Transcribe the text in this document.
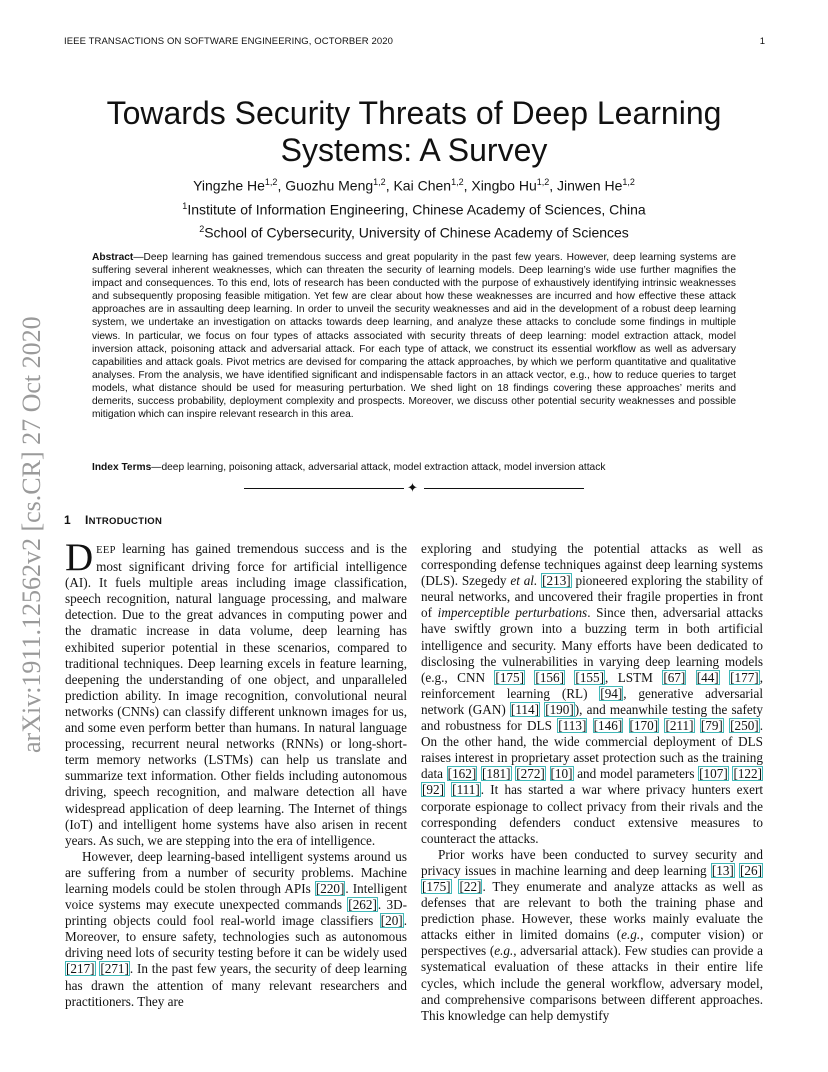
IEEE TRANSACTIONS ON SOFTWARE ENGINEERING, OCTORBER 2020	1
arXiv:1911.12562v2 [cs.CR] 27 Oct 2020
Towards Security Threats of Deep Learning Systems: A Survey
Yingzhe He$^{1,2}$, Guozhu Meng$^{1,2}$, Kai Chen$^{1,2}$, Xingbo Hu$^{1,2}$, Jinwen He$^{1,2}$
$^1$Institute of Information Engineering, Chinese Academy of Sciences, China
$^2$School of Cybersecurity, University of Chinese Academy of Sciences
Abstract—Deep learning has gained tremendous success and great popularity in the past few years. However, deep learning systems are suffering several inherent weaknesses, which can threaten the security of learning models. Deep learning’s wide use further magnifies the impact and consequences. To this end, lots of research has been conducted with the purpose of exhaustively identifying intrinsic weaknesses and subsequently proposing feasible mitigation. Yet few are clear about how these weaknesses are incurred and how effective these attack approaches are in assaulting deep learning. In order to unveil the security weaknesses and aid in the development of a robust deep learning system, we undertake an investigation on attacks towards deep learning, and analyze these attacks to conclude some findings in multiple views. In particular, we focus on four types of attacks associated with security threats of deep learning: model extraction attack, model inversion attack, poisoning attack and adversarial attack. For each type of attack, we construct its essential workflow as well as adversary capabilities and attack goals. Pivot metrics are devised for comparing the attack approaches, by which we perform quantitative and qualitative analyses. From the analysis, we have identified significant and indispensable factors in an attack vector, e.g., how to reduce queries to target models, what distance should be used for measuring perturbation. We shed light on 18 findings covering these approaches’ merits and demerits, success probability, deployment complexity and prospects. Moreover, we discuss other potential security weaknesses and possible mitigation which can inspire relevant research in this area.
Index Terms—deep learning, poisoning attack, adversarial attack, model extraction attack, model inversion attack
✦
1 INTRODUCTION

DEEP learning has gained tremendous success and is the most significant driving force for artificial intelligence (AI). It fuels multiple areas including image classification, speech recognition, natural language processing, and malware detection. Due to the great advances in computing power and the dramatic increase in data volume, deep learning has exhibited superior potential in these scenarios, compared to traditional techniques. Deep learning excels in feature learning, deepening the understanding of one object, and unparalleled prediction ability. In image recognition, convolutional neural networks (CNNs) can classify different unknown images for us, and some even perform better than humans. In natural language processing, recurrent neural networks (RNNs) or long-short-term memory networks (LSTMs) can help us translate and summarize text information. Other fields including autonomous driving, speech recognition, and malware detection all have widespread application of deep learning. The Internet of things (IoT) and intelligent home systems have also arisen in recent years. As such, we are stepping into the era of intelligence.

However, deep learning-based intelligent systems around us are suffering from a number of security problems. Machine learning models could be stolen through APIs [220]. Intelligent voice systems may execute unexpected commands [262]. 3D-printing objects could fool real-world image classifiers [20]. Moreover, to ensure safety, technologies such as autonomous driving need lots of security testing before it can be widely used [217] [271]. In the past few years, the security of deep learning has drawn the attention of many relevant researchers and practitioners. They are

exploring and studying the potential attacks as well as corresponding defense techniques against deep learning systems (DLS). Szegedy et al. [213] pioneered exploring the stability of neural networks, and uncovered their fragile properties in front of imperceptible perturbations. Since then, adversarial attacks have swiftly grown into a buzzing term in both artificial intelligence and security. Many efforts have been dedicated to disclosing the vulnerabilities in varying deep learning models (e.g., CNN [175] [156] [155], LSTM [67] [44] [177], reinforcement learning (RL) [94], generative adversarial network (GAN) [114] [190]), and meanwhile testing the safety and robustness for DLS [113] [146] [170] [211] [79] [250]. On the other hand, the wide commercial deployment of DLS raises interest in proprietary asset protection such as the training data [162] [181] [272] [10] and model parameters [107] [122] [92] [111]. It has started a war where privacy hunters exert corporate espionage to collect privacy from their rivals and the corresponding defenders conduct extensive measures to counteract the attacks.

Prior works have been conducted to survey security and privacy issues in machine learning and deep learning [13] [26] [175] [22]. They enumerate and analyze attacks as well as defenses that are relevant to both the training phase and prediction phase. However, these works mainly evaluate the attacks either in limited domains (e.g., computer vision) or perspectives (e.g., adversarial attack). Few studies can provide a systematical evaluation of these attacks in their entire life cycles, which include the general workflow, adversary model, and comprehensive comparisons between different approaches. This knowledge can help demystify
